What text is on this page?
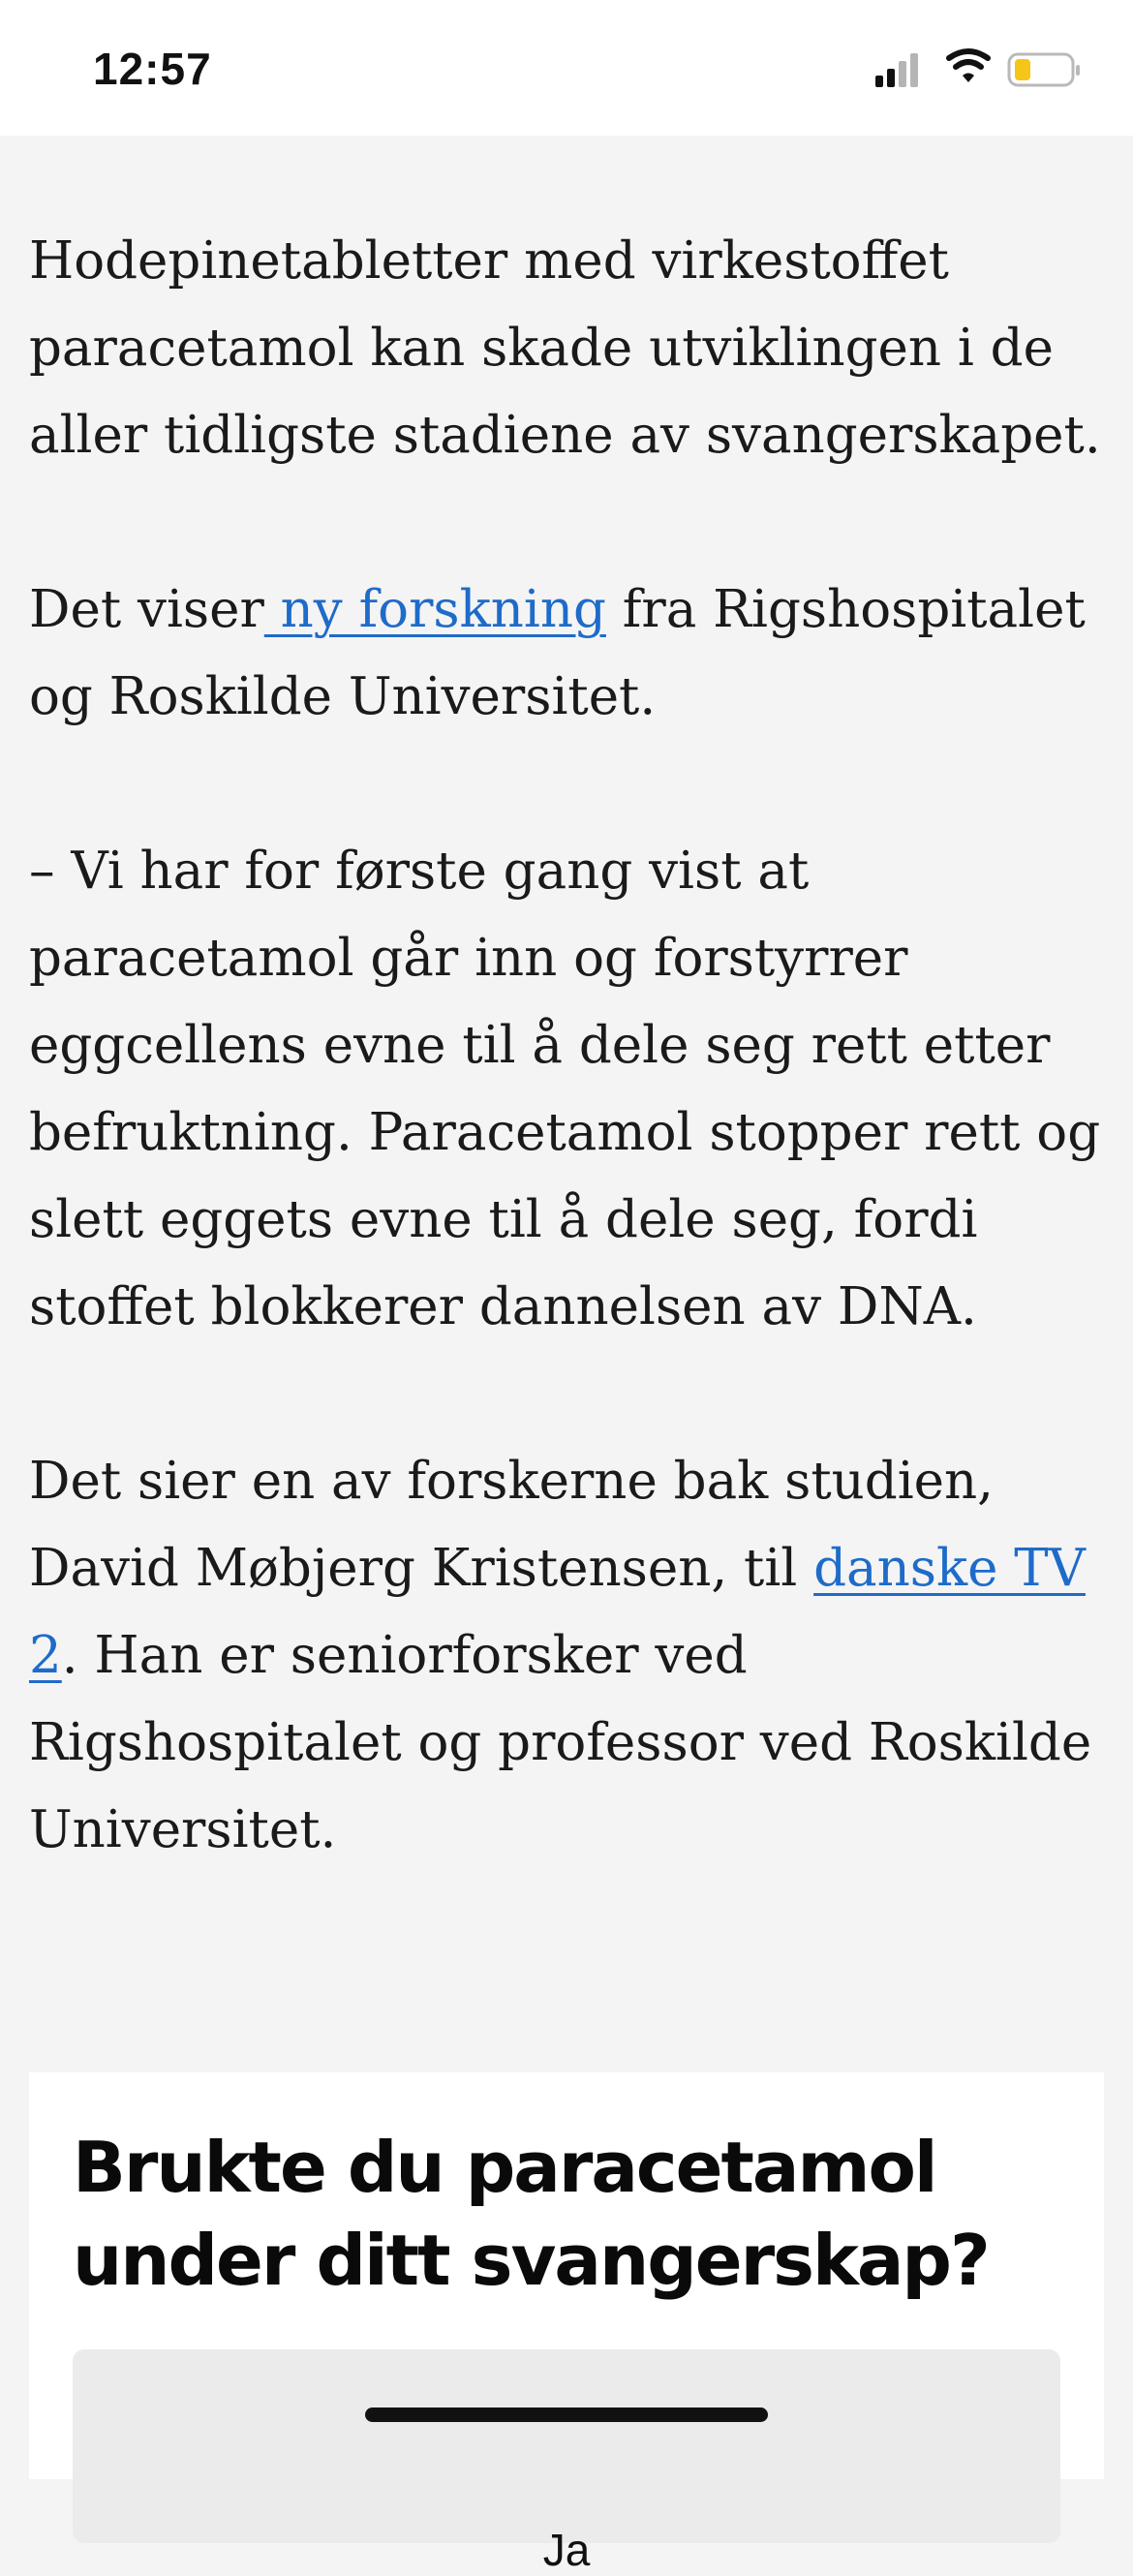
12:57

Hodepinetabletter med virkestoffet paracetamol kan skade utviklingen i de aller tidligste stadiene av svangerskapet.

Det viser ny forskning fra Rigshospitalet og Roskilde Universitet.

– Vi har for første gang vist at paracetamol går inn og forstyrrer eggcellens evne til å dele seg rett etter befruktning. Paracetamol stopper rett og slett eggets evne til å dele seg, fordi stoffet blokkerer dannelsen av DNA.

Det sier en av forskerne bak studien, David Møbjerg Kristensen, til danske TV 2. Han er seniorforsker ved Rigshospitalet og professor ved Roskilde Universitet.

Brukte du paracetamol under ditt svangerskap?
Ja
